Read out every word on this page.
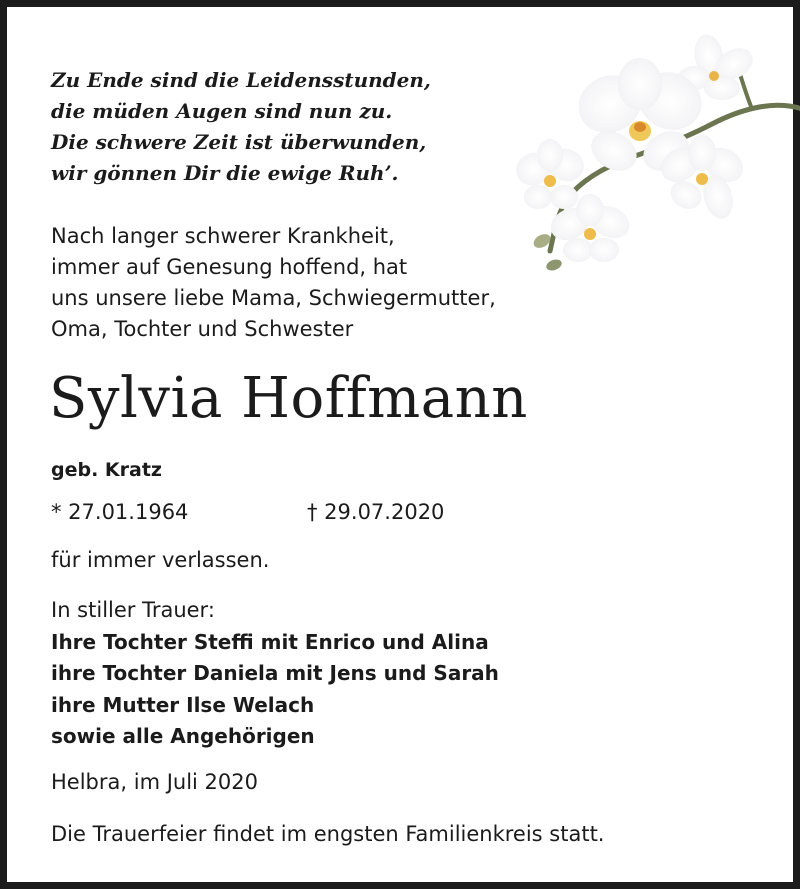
Zu Ende sind die Leidensstunden,
die müden Augen sind nun zu.
Die schwere Zeit ist überwunden,
wir gönnen Dir die ewige Ruh’.
Nach langer schwerer Krankheit,
immer auf Genesung hoffend, hat
uns unsere liebe Mama, Schwiegermutter,
Oma, Tochter und Schwester
Sylvia Hoffmann
geb. Kratz
* 27.01.1964	† 29.07.2020
für immer verlassen.
In stiller Trauer:
Ihre Tochter Steffi mit Enrico und Alina
ihre Tochter Daniela mit Jens und Sarah
ihre Mutter Ilse Welach
sowie alle Angehörigen
Helbra, im Juli 2020
Die Trauerfeier findet im engsten Familienkreis statt.
